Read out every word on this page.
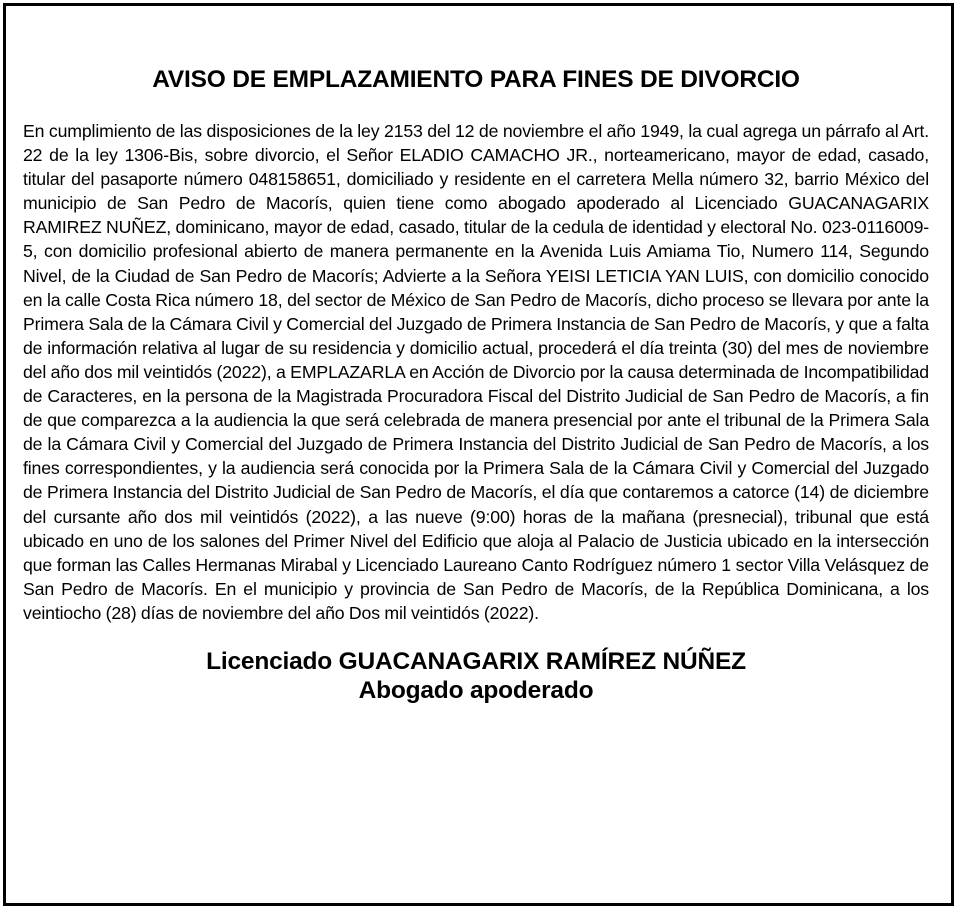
AVISO DE EMPLAZAMIENTO PARA FINES DE DIVORCIO

En cumplimiento de las disposiciones de la ley 2153 del 12 de noviembre el año 1949, la cual agrega un párrafo al Art. 22 de la ley 1306-Bis, sobre divorcio, el Señor ELADIO CAMACHO JR., norteamericano, mayor de edad, casado, titular del pasaporte número 048158651, domiciliado y residente en el carretera Mella número 32, barrio México del municipio de San Pedro de Macorís, quien tiene como abogado apoderado al Licenciado GUACANAGARIX RAMIREZ NUÑEZ, dominicano, mayor de edad, casado, titular de la cedula de identidad y electoral No. 023-0116009-5, con domicilio profesional abierto de manera permanente en la Avenida Luis Amiama Tio, Numero 114, Segundo Nivel, de la Ciudad de San Pedro de Macorís; Advierte a la Señora YEISI LETICIA YAN LUIS, con domicilio conocido en la calle Costa Rica número 18, del sector de México de San Pedro de Macorís, dicho proceso se llevara por ante la Primera Sala de la Cámara Civil y Comercial del Juzgado de Primera Instancia de San Pedro de Macorís, y que a falta de información relativa al lugar de su residencia y domicilio actual, procederá el día treinta (30) del mes de noviembre del año dos mil veintidós (2022), a EMPLAZARLA en Acción de Divorcio por la causa determinada de Incompatibilidad de Caracteres, en la persona de la Magistrada Procuradora Fiscal del Distrito Judicial de San Pedro de Macorís, a fin de que comparezca a la audiencia la que será celebrada de manera presencial por ante el tribunal de la Primera Sala de la Cámara Civil y Comercial del Juzgado de Primera Instancia del Distrito Judicial de San Pedro de Macorís, a los fines correspondientes, y la audiencia será conocida por la Primera Sala de la Cámara Civil y Comercial del Juzgado de Primera Instancia del Distrito Judicial de San Pedro de Macorís, el día que contaremos a catorce (14) de diciembre del cursante año dos mil veintidós (2022), a las nueve (9:00) horas de la mañana (presnecial), tribunal que está ubicado en uno de los salones del Primer Nivel del Edificio que aloja al Palacio de Justicia ubicado en la intersección que forman las Calles Hermanas Mirabal y Licenciado Laureano Canto Rodríguez número 1 sector Villa Velásquez de San Pedro de Macorís. En el municipio y provincia de San Pedro de Macorís, de la República Dominicana, a los veintiocho (28) días de noviembre del año Dos mil veintidós (2022).

Licenciado GUACANAGARIX RAMÍREZ NÚÑEZ
Abogado apoderado
